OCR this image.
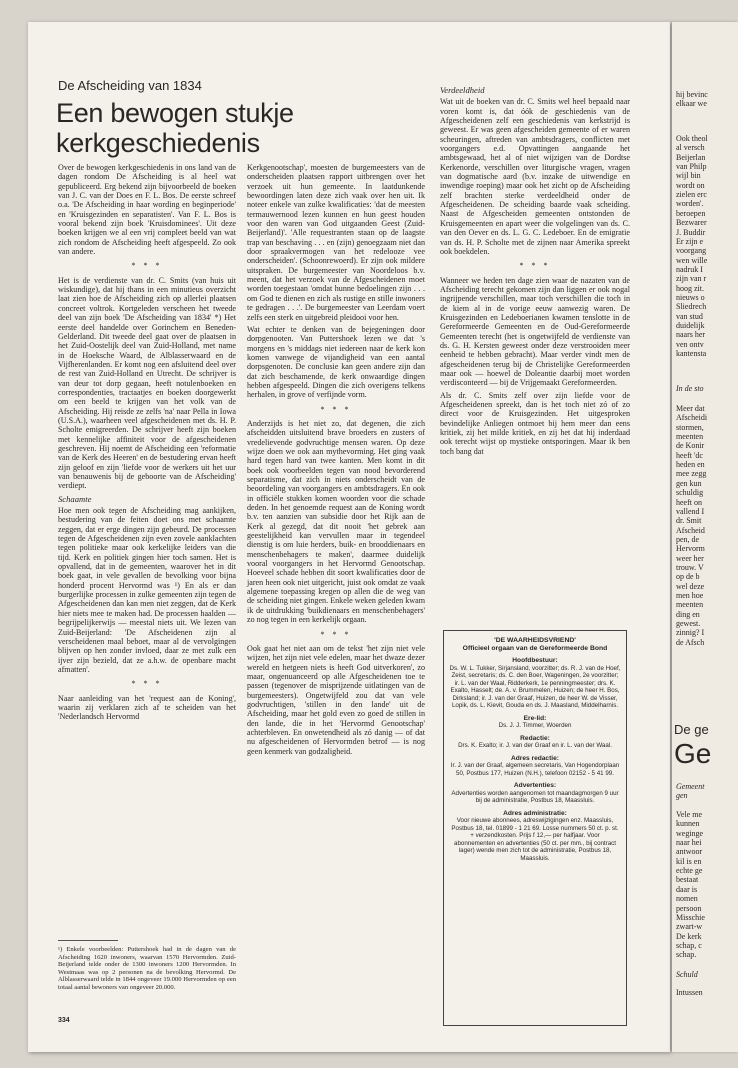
De Afscheiding van 1834
Een bewogen stukje kerkgeschiedenis

Over de bewogen kerkgeschiedenis in ons land van de dagen rondom De Afscheiding is al heel wat gepubliceerd. Erg bekend zijn bijvoorbeeld de boeken van J. C. van der Does en F. L. Bos. De eerste schreef o.a. 'De Afscheiding in haar wording en beginperiode' en 'Kruisgezinden en separatisten'. Van F. L. Bos is vooral bekend zijn boek 'Kruisdominees'. Uit deze boeken krijgen we al een vrij compleet beeld van wat zich rondom de Afscheiding heeft afgespeeld. Zo ook van andere.

* * *

Het is de verdienste van dr. C. Smits (van huis uit wiskundige), dat hij thans in een minutieus overzicht laat zien hoe de Afscheiding zich op allerlei plaatsen concreet voltrok. Kortgeleden verscheen het tweede deel van zijn boek 'De Afscheiding van 1834' *) Het eerste deel handelde over Gorinchem en Beneden-Gelderland. Dit tweede deel gaat over de plaatsen in het Zuid-Oostelijk deel van Zuid-Holland, met name in de Hoeksche Waard, de Alblasserwaard en de Vijfherenlanden. Er komt nog een afsluitend deel over de rest van Zuid-Holland en Utrecht. De schrijver is van deur tot dorp gegaan, heeft notulenboeken en correspondenties, tractaatjes en boeken doorgewerkt om een beeld te krijgen van het volk van de Afscheiding. Hij reisde ze zelfs 'na' naar Pella in Iowa (U.S.A.), waarheen veel afgescheidenen met ds. H. P. Scholte emigreerden. De schrijver heeft zijn boeken met kennelijke affiniteit voor de afgescheidenen geschreven. Hij noemt de Afscheiding een 'reformatie van de Kerk des Heeren' en de bestudering ervan heeft zijn geloof en zijn 'liefde voor de werkers uit het uur van benauwenis bij de geboorte van de Afscheiding' verdiept.

Schaamte

Hoe men ook tegen de Afscheiding mag aankijken, bestudering van de feiten doet ons met schaamte zeggen, dat er erge dingen zijn gebeurd. De processen tegen de Afgescheidenen zijn even zovele aanklachten tegen politieke maar ook kerkelijke leiders van die tijd. Kerk en politiek gingen hier toch samen. Het is opvallend, dat in de gemeenten, waarover het in dit boek gaat, in vele gevallen de bevolking voor bijna honderd procent Hervormd was ¹) En als er dan burgerlijke processen in zulke gemeenten zijn tegen de Afgescheidenen dan kan men niet zeggen, dat de Kerk hier niets mee te maken had. De processen haalden — begrijpelijkerwijs — meestal niets uit. We lezen van Zuid-Beijerland: 'De Afscheidenen zijn al verscheidenen maal beboet, maar al de vervolgingen blijven op hen zonder invloed, daar ze met zulk een ijver zijn bezield, dat ze a.h.w. de openbare macht afmatten'.

* * *

Naar aanleiding van het 'request aan de Koning', waarin zij verklaren zich af te scheiden van het 'Nederlandsch Hervormd

¹) Enkele voorbeelden: Puttershoek had in de dagen van de Afscheiding 1620 inwoners, waarvan 1570 Hervormden. Zuid-Beijerland telde onder de 1300 inwoners 1200 Hervormden. In Westmaas was op 2 personen na de bevolking Hervormd. De Alblasserwaard telde in 1844 ongeveer 19.000 Hervormden op een totaal aantal bewoners van ongeveer 20.000.
334

Kerkgenootschap', moesten de burgemeesters van de onderscheiden plaatsen rapport uitbrengen over het verzoek uit hun gemeente. In laatdunkende bewoordingen laten deze zich vaak over hen uit. Ik noteer enkele van zulke kwalificaties: 'dat de meesten termauwernood lezen kunnen en hun geest houden voor den waren van God uitgaanden Geest (Zuid-Beijerland)'. 'Alle requestranten staan op de laagste trap van beschaving . . . en (zijn) genoegzaam niet dan door spraakvermogen van het redelooze vee onderscheiden'. (Schoonrewoerd). Er zijn ook mildere uitspraken. De burgemeester van Noordeloos b.v. meent, dat het verzoek van de Afgescheidenen moet worden toegestaan 'omdat hunne bedoelingen zijn . . . om God te dienen en zich als rustige en stille inwoners te gedragen . . .'. De burgemeester van Leerdam voert zelfs een sterk en uitgebreid pleidooi voor hen.

Wat echter te denken van de bejegeningen door dorpgenooten. Van Puttershoek lezen we dat 's morgens en 's middags niet iedereen naar de kerk kon komen vanwege de vijandigheid van een aantal dorpsgenoten. De conclusie kan geen andere zijn dan dat zich beschamende, de kerk onwaardige dingen hebben afgespeeld. Dingen die zich overigens telkens herhalen, in grove of verfijnde vorm.

* * *

Anderzijds is het niet zo, dat degenen, die zich afscheidden uitsluitend brave broeders en zusters of vredelievende godvruchtige mensen waren. Op deze wijze doen we ook aan mythevorming. Het ging vaak hard tegen hard van twee kanten. Men komt in dit boek ook voorbeelden tegen van nood bevorderend separatisme, dat zich in niets onderscheidt van de beoordeling van voorgangers en ambtsdragers. En ook in officiële stukken komen woorden voor die schade deden. In het genoemde request aan de Koning wordt b.v. ten aanzien van subsidie door het Rijk aan de Kerk al gezegd, dat dit nooit 'het gebrek aan geestelijkheid kan vervullen maar in tegendeel dienstig is om luie herders, buik- en brooddienaars en menschenbehagers te maken', daarmee duidelijk vooral voorgangers in het Hervormd Genootschap. Hoeveel schade hebben dit soort kwalificaties door de jaren heen ook niet uitgericht, juist ook omdat ze vaak algemene toepassing kregen op allen die de weg van de scheiding niet gingen. Enkele weken geleden kwam ik de uitdrukking 'buikdienaars en menschenbehagers' zo nog tegen in een kerkelijk orgaan.

* * *

Ook gaat het niet aan om de tekst 'het zijn niet vele wijzen, het zijn niet vele edelen, maar het dwaze dezer wereld en hetgeen niets is heeft God uitverkoren', zo maar, ongenuanceerd op alle Afgescheidenen toe te passen (tegenover de misprijzende uitlatingen van de burgemeesters). Ongetwijfeld zou dat van vele godvruchtigen, 'stillen in den lande' uit de Afscheiding, maar het gold even zo goed de stillen in den lande, die in het 'Hervormd Genootschap' achterbleven. En onwetendheid als zó danig — of dat nu afgescheidenen of Hervormden betrof — is nog geen kenmerk van godzaligheid.

Verdeeldheid

Wat uit de boeken van dr. C. Smits wel heel bepaald naar voren komt is, dat óók de geschiedenis van de Afgescheidenen zelf een geschiedenis van kerkstrijd is geweest. Er was geen afgescheiden gemeente of er waren scheuringen, aftreden van ambtsdragers, conflicten met voorgangers e.d. Opvattingen aangaande het ambtsgewaad, het al of niet wijzigen van de Dordtse Kerkenorde, verschillen over liturgische vragen, vragen van dogmatische aard (b.v. inzake de uitwendige en inwendige roeping) maar ook het zicht op de Afscheiding zelf brachten sterke verdeeldheid onder de Afgescheidenen. De scheiding baarde vaak scheiding. Naast de Afgescheiden gemeenten ontstonden de Kruisgemeenten en apart weer die volgelingen van ds. C. van den Oever en ds. L. G. C. Ledeboer. En de emigratie van ds. H. P. Scholte met de zijnen naar Amerika spreekt ook boekdelen.

* * *

Wanneer we heden ten dage zien waar de nazaten van de Afscheiding terecht gekomen zijn dan liggen er ook nogal ingrijpende verschillen, maar toch verschillen die toch in de kiem al in de vorige eeuw aanwezig waren. De Kruisgezinden en Ledeboerianen kwamen tenslotte in de Gereformeerde Gemeenten en de Oud-Gereformeerde Gemeenten terecht (het is ongetwijfeld de verdienste van ds. G. H. Kersten geweest onder deze verstrooiden meer eenheid te hebben gebracht). Maar verder vindt men de afgescheidenen terug bij de Christelijke Gereformeerden maar ook — hoewel de Doleantie daarbij moet worden verdisconteerd — bij de Vrijgemaakt Gereformeerden.

Als dr. C. Smits zelf over zijn liefde voor de Afgescheidenen spreekt, dan is het toch niet zó of zo direct voor de Kruisgezinden. Het uitgesproken bevindelijke Anliegen ontmoet bij hem meer dan eens kritiek, zij het milde kritiek, en zij het dat hij inderdaad ook terecht wijst op mystieke ontsporingen. Maar ik ben toch bang dat

'DE WAARHEIDSVRIEND'
Officieel orgaan van de Gereformeerde Bond
Hoofdbestuur:
Ds. W. L. Tukker, Sirjansland, voorzitter; ds. R. J. van de Hoef, Zeist, secretaris; ds. C. den Boer, Wageningen, 2e voorzitter; ir. L. van der Waal, Ridderkerk, 1e penningmeester; drs. K. Exalto, Hasselt; de. A. v. Brummelen, Huizen; de heer H. Bos, Dirksland; ir. J. van der Graaf, Huizen, de heer W. de Visser, Lopik, ds. L. Kievit, Gouda en ds. J. Maasland, Middelharnis.
Ere-lid:
Ds. J. J. Timmer, Woerden
Redactie:
Drs. K. Exalto; ir. J. van der Graaf en ir. L. van der Waal.
Adres redactie:
Ir. J. van der Graaf, algemeen secretaris, Van Hogendorplaan 50, Postbus 177, Huizen (N.H.), telefoon 02152 - 5 41 99.
Advertenties:
Advertenties worden aangenomen tot maandagmorgen 9 uur bij de administratie, Postbus 18, Maassluis.
Adres administratie:
Voor nieuwe abonnees, adreswijzigingen enz. Maassluis, Postbus 18, tel. 01899 - 1 21 69. Losse nummers 50 ct. p. st. + verzendkosten. Prijs f 12,— per halfjaar. Voor abonnementen en advertenties (50 ct. per mm., bij contract lager) wende men zich tot de administratie, Postbus 18, Maassluis.
hij bevinc
elkaar we
Ook theol
al versch
Beijerlan
van Philp
wijl bin
wordt on
zielen erc
worden'.
beroepen
Bezwarer
J. Buddir
Er zijn e
voorgang
wen wille
nadruk I
zijn van r
hoog zit.
nieuws o
Sliedrech
van stud
duidelijk
naars her
ven ontv
kantensta
In de sto
Meer dat
Afscheidi
stormen,
meenten
de Konir
heeft 'dc
heden en
mee zegg
gen kun
schuldig
heeft on
vallend I
dr. Smit
Afscheid
pen, de
Hervorm
weer her
trouw. V
op de b
wel deze
men hoe
meenten
ding en
gewest.
zinnig? I
de Afsch
De ge
Ge
Gemeent
gen
Vele me
kunnen
weginge
naar hei
antwoor
kil is en
echte ge
bestaat
daar is
nomen
persoon
Misschie
zwart-w
De kerk
schap, c
schap.
Schuld
Intussen
